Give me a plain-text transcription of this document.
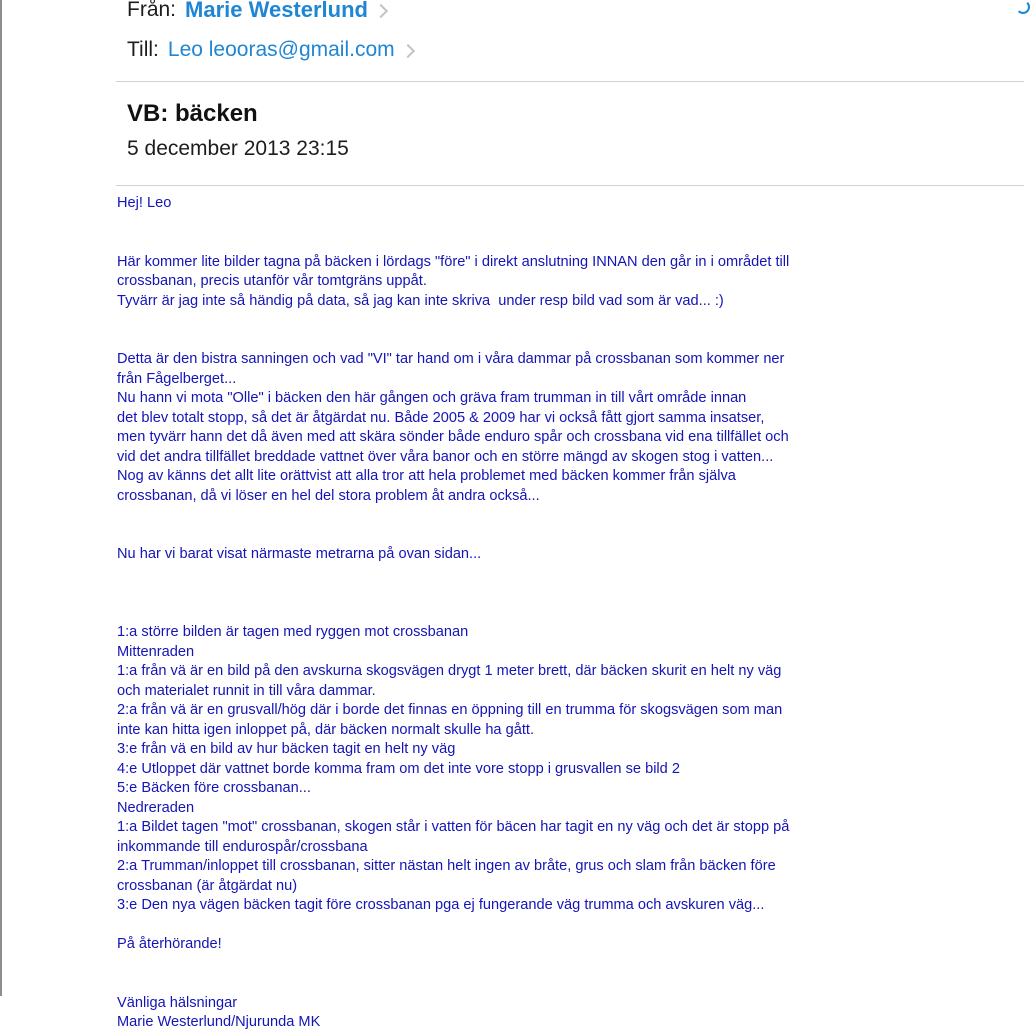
Från: Marie Westerlund
Till: Leo leooras@gmail.com
VB: bäcken
5 december 2013 23:15
Hej! Leo
Här kommer lite bilder tagna på bäcken i lördags "före" i direkt anslutning INNAN den går in i området till
crossbanan, precis utanför vår tomtgräns uppåt.
Tyvärr är jag inte så händig på data, så jag kan inte skriva  under resp bild vad som är vad... :)
Detta är den bistra sanningen och vad "VI" tar hand om i våra dammar på crossbanan som kommer ner
från Fågelberget...
Nu hann vi mota "Olle" i bäcken den här gången och gräva fram trumman in till vårt område innan
det blev totalt stopp, så det är åtgärdat nu. Både 2005 & 2009 har vi också fått gjort samma insatser,
men tyvärr hann det då även med att skära sönder både enduro spår och crossbana vid ena tillfället och
vid det andra tillfället breddade vattnet över våra banor och en större mängd av skogen stog i vatten...
Nog av känns det allt lite orättvist att alla tror att hela problemet med bäcken kommer från själva
crossbanan, då vi löser en hel del stora problem åt andra också...
Nu har vi barat visat närmaste metrarna på ovan sidan...
1:a större bilden är tagen med ryggen mot crossbanan
Mittenraden
1:a från vä är en bild på den avskurna skogsvägen drygt 1 meter brett, där bäcken skurit en helt ny väg
och materialet runnit in till våra dammar.
2:a från vä är en grusvall/hög där i borde det finnas en öppning till en trumma för skogsvägen som man
inte kan hitta igen inloppet på, där bäcken normalt skulle ha gått.
3:e från vä en bild av hur bäcken tagit en helt ny väg
4:e Utloppet där vattnet borde komma fram om det inte vore stopp i grusvallen se bild 2
5:e Bäcken före crossbanan...
Nedreraden
1:a Bildet tagen "mot" crossbanan, skogen står i vatten för bäcen har tagit en ny väg och det är stopp på
inkommande till endurospår/crossbana
2:a Trumman/inloppet till crossbanan, sitter nästan helt ingen av bråte, grus och slam från bäcken före
crossbanan (är åtgärdat nu)
3:e Den nya vägen bäcken tagit före crossbanan pga ej fungerande väg trumma och avskuren väg...
På återhörande!
Vänliga hälsningar
Marie Westerlund/Njurunda MK
